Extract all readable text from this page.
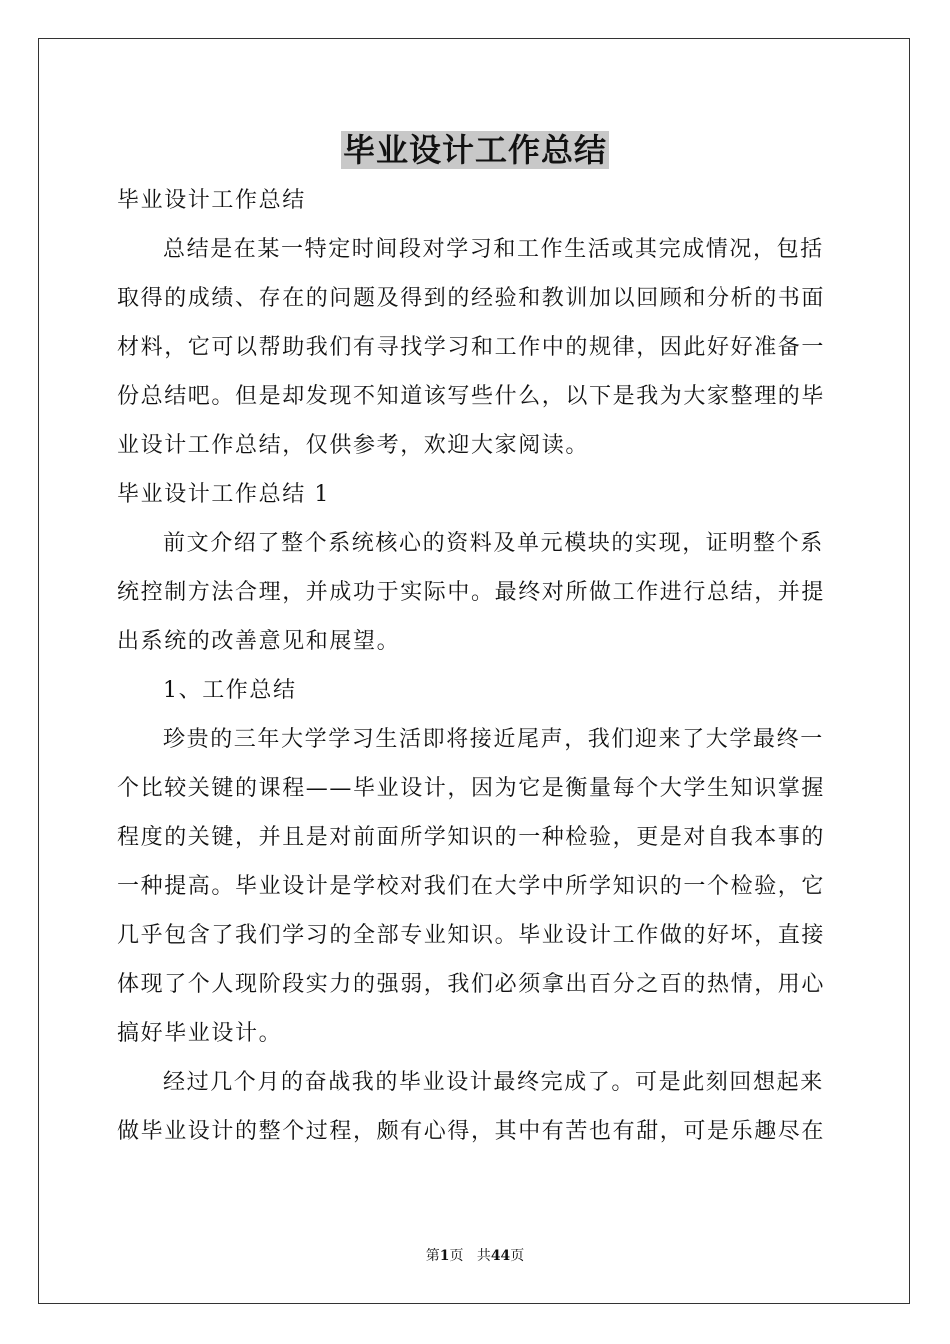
毕业设计工作总结
毕业设计工作总结
总结是在某一特定时间段对学习和工作生活或其完成情况，包括
取得的成绩、存在的问题及得到的经验和教训加以回顾和分析的书面
材料，它可以帮助我们有寻找学习和工作中的规律，因此好好准备一
份总结吧。但是却发现不知道该写些什么，以下是我为大家整理的毕
业设计工作总结，仅供参考，欢迎大家阅读。
毕业设计工作总结 1
前文介绍了整个系统核心的资料及单元模块的实现，证明整个系
统控制方法合理，并成功于实际中。最终对所做工作进行总结，并提
出系统的改善意见和展望。
1、工作总结
珍贵的三年大学学习生活即将接近尾声，我们迎来了大学最终一
个比较关键的课程——毕业设计，因为它是衡量每个大学生知识掌握
程度的关键，并且是对前面所学知识的一种检验，更是对自我本事的
一种提高。毕业设计是学校对我们在大学中所学知识的一个检验，它
几乎包含了我们学习的全部专业知识。毕业设计工作做的好坏，直接
体现了个人现阶段实力的强弱，我们必须拿出百分之百的热情，用心
搞好毕业设计。
经过几个月的奋战我的毕业设计最终完成了。可是此刻回想起来
做毕业设计的整个过程，颇有心得，其中有苦也有甜，可是乐趣尽在
第1页 共44页
